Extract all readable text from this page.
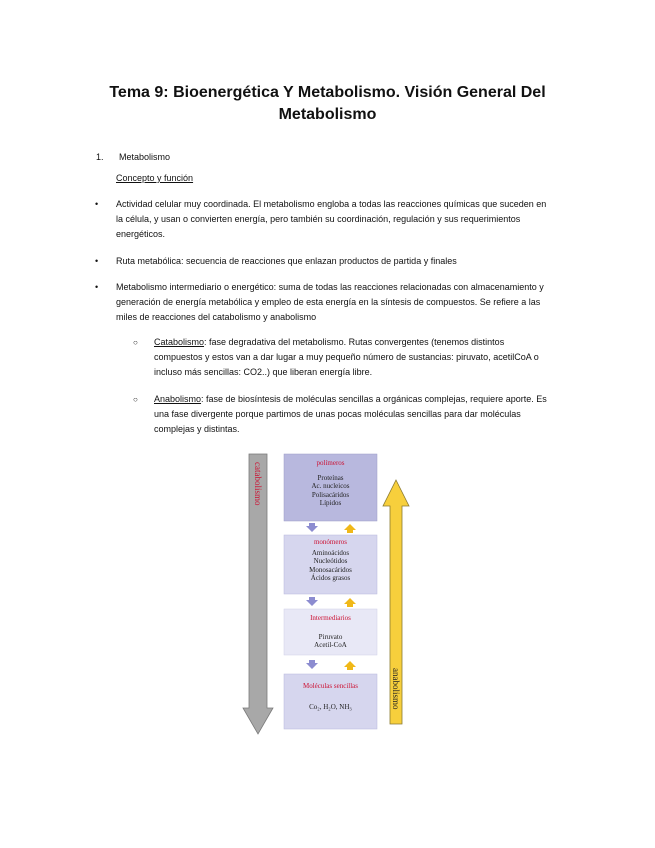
Tema 9: Bioenergética Y Metabolismo. Visión General Del
Metabolismo
1. Metabolismo
Concepto y función
• Actividad celular muy coordinada. El metabolismo engloba a todas las reacciones químicas que suceden en
la célula, y usan o convierten energía, pero también su coordinación, regulación y sus requerimientos
energéticos.
• Ruta metabólica: secuencia de reacciones que enlazan productos de partida y finales
• Metabolismo intermediario o energético: suma de todas las reacciones relacionadas con almacenamiento y
generación de energía metabólica y empleo de esta energía en la síntesis de compuestos. Se refiere a las
miles de reacciones del catabolismo y anabolismo
○ Catabolismo: fase degradativa del metabolismo. Rutas convergentes (tenemos distintos
compuestos y estos van a dar lugar a muy pequeño número de sustancias: piruvato, acetilCoA o
incluso más sencillas: CO2..) que liberan energía libre.
○ Anabolismo: fase de biosíntesis de moléculas sencillas a orgánicas complejas, requiere aporte. Es
una fase divergente porque partimos de unas pocas moléculas sencillas para dar moléculas
complejas y distintas.
catabolismo
anabolismo
polímeros
Proteínas
Ac. nucleicos
Polisacáridos
Lípidos
monómeros
Aminoácidos
Nucleótidos
Monosacáridos
Ácidos grasos
Intermediarios
Piruvato
Acetil-CoA
Moléculas sencillas
Co₂, H₂O, NH₃
